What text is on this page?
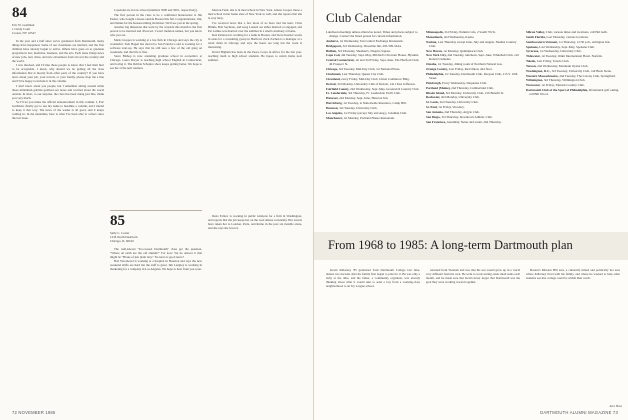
84
Eric W. Grellman
1 Cindy Court
Croton, NY 10547

In the year and a half since we've graduated from Dartmouth, many things have happened. Some of our classmates are married, and the first children have already begun to arrive. Others have gone on to graduate programs in law, medicine, business, and the arts. Each issue brings news of new jobs, new cities, and new adventures from all over the country and the world.

I was shocked, and I'd like those people to know that I feel their hurt to be acceptable. I mean, why should we be getting all the class information that is mostly from other parts of the country? If you have news about your job, your travels, or your family, please drop me a line and I'll be happy to include it in the column.

I don't know about you people, but I remember sitting around while those millenium goblins grabbed our notes and worried about the world outside. In short, to our surprise, the class has been doing just fine, thank you very much.

So I'll let you make the official announcement in this column. I, Eric Grellman, finally got to use my name to headline a column, and I intend to keep it that way. The news of the weeks is all good, and it keeps coming in. In the meantime, here is what I've been able to collect since the last issue.

Copeland are in law school (numbers 5000 and 5001, respectively).

The first person in the class to be a confirmed homeowner is Jim Parker, who bought a house outside Boston this fall. Congratulations, Jim, and thanks for the housewarming invitation. We'll see you in the spring.

Another big milestone that went by the wayside this month is the first person to be married and divorced. I won't mention names, but you know who you are.

Mark Cropper is working at a law firm in Chicago and says the city is wonderful. Tom Hagen has moved to San Francisco and is working for a software start-up. He says that he still sees a few of the old gang on weekends, and that life is fine.

Steve Bishop is now attending graduate school in economics at Chicago. Laura Dwyer is teaching high school English in Connecticut, and loving it. The Debbie Schapiro show keeps getting better. We hope to see her at the next reunion.

Morton Fann, she is in med school in New York. Alison Cooper chose a med school in her home state of New York as well, and she reports that she is very busy.

I've received news that a few more of us have tied the knot. Chris Hinkle, Bob Seymour, and Greg Lanzeit are either married or engaged, and Pat Lemke was married over the summer in a small ceremony at home.

Ron Patterson is working for a bank in Boston, and Steve Kessler works in sales for a consulting group in Hartford. Zach Zachen is a manager at a retail chain in Chicago and says the hours are long but the work is interesting.

David Higham has been in the Peace Corps in Africa for the last year, teaching math to high school students. He hopes to return home next summer.

85
Sally C. Coster
1234 North Dearborn
Chicago, IL 60610

The well-known "Too-Green Dartmouth" class got the question, "Where on earth are the old alumni?" For now: We do answer it that might be "Broke of just plain lazy." No news is good news?

Bob Woodward is working at a hospital in Houston and says the new weekend shifts are hard but the staff is great. Jim Langley is working in marketing for a company in Los Angeles. We hope to hear from you soon.

Dena Fallow is working in public relations for a firm in Washington, and reports that the job keeps her on the road almost constantly. Her travels have taken her to London, Paris, and Rome in the past six months alone, and she says she loves it.

72 NOVEMBER 1985
Club Calendar
Luncheon meetings unless otherwise noted. Times and places subject to change. Contact the listed person for current information.
Amherst, 1st Wednesday, Ten Central Exchange Restaurant.
Bridgeport, 3rd Wednesday, Shoreline Inn, 203-599-5444.
Buffalo, 3rd Thursday, Sheehan's, Niagara Square.
Cape Cod, 4th Tuesday, Sept–May, Mildred's Chowder House, Hyannis.
Central Connecticut, 1st and 3rd Friday, Sept–June, The Hartford Club, 46 Prospect St.
Chicago, 3rd Tuesday, Mid-Day Club, 1st National Plaza.
Cincinnati, Last Thursday, Queen City Club.
Cleveland, every Friday, Mid-Day Club, Union Commerce Bldg.
Detroit, 3rd Monday, University Club of Detroit, 1411 East Jefferson.
Fairfield County, 2nd Wednesday, Sept–May, Greenwich Country Club.
Ft. Lauderdale, 3rd Thursday, Ft. Lauderdale Yacht Club.
Hanover, 2nd Monday, Sept–June, Hanover Inn.
Harrisburg, 1st Tuesday, at Nationwide Insurance, Camp Hill.
Houston, 3rd Tuesday, University Club.
Los Angeles, 1st Friday (except July and Aug.), Jonathan Club.
Manchester, 1st Monday, Portland House Restaurant.
Minneapolis, 3rd Friday, Nankin Cafe, 2 South 7th St.
Monadnock, 2nd Wednesday, Keene.
Nashua, Last Thursday except June, July and August, Nashua Country Club.
New Haven, 1st Monday, Quinnipiack Club.
New York City, 2nd Tuesday, luncheon, Sept–June, Whitehall Club, call Robert Clements.
Omaha, 1st Tuesday, dining room of Northern Natural Gas.
Orange County, Last Friday, Red Onion, 2nd floor.
Philadelphia, 1st Tuesday, Dartmouth Club, Racquet Club, 215 S. 16th Street.
Pittsburgh, Every Wednesday, Duquesne Club.
Portland (Maine), 2nd Thursday, Cumberland Club.
Rhode Island, 3rd Monday, University Club, 219 Benefit St.
Rochester, 2nd Monday, University Club.
St. Louis, 2nd Tuesday, University Club.
St. Paul, 1st Friday, Woodery.
San Antonio, 2nd Thursday, Argyle Club.
San Diego, 3rd Thursday, Downtown Athletic Club.
San Francisco, Assembly, Sutter and Grant, 2nd Thursday.
Silicon Valley, Club, various times and locations, call Hal Gelb.
South Florida, Last Thursday, various locations.
Southwestern Vermont, 1st Thursday, 12:30 p.m., Arlington Inn.
Spokane, Last Wednesday, Sept–May, Spokane Club.
Syracuse, 1st Wednesday, University Club.
Tidewater, 1st Tuesday, Omni International Hotel, Norfolk.
Toledo, Last Friday, Toledo Club.
Tucson, 2nd Wednesday, Mountain Oyster Club.
Washington, D.C., 3rd Tuesday, University Club, call Buck Stone.
Western Massachusetts, 2nd Tuesday, The Colony Club, Springfield.
Wilmington, 3rd Thursday, Wilmington Club.
Worcester, 1st Friday, Tatnuck Country Club.
Dartmouth Club of the Sport of Philadelphia, Invitational golf outing, call Bill Wood.
From 1968 to 1985: A long-term Dartmouth plan

Kevin Killarney '85 graduated from Dartmouth College last June, almost two decades after his family first began to plan for it. He was only a baby at the time, and his father, a community organizer, was already thinking about what it would take to send a boy from a working-class neighborhood to an Ivy League school.

returned from Vietnam and saw that his son would grow up in a world very different from his own. He went to work setting aside small sums each month, and he made sure that Kevin never forgot that Dartmouth was the goal they were working toward together.

Boston's Mission Hill area, a culturally mixed and politically hot area where Killarney lived with his family, and where he worked to help other students see that college could be within their reach.

Alex Huss
DARTMOUTH ALUMNI MAGAZINE 73
